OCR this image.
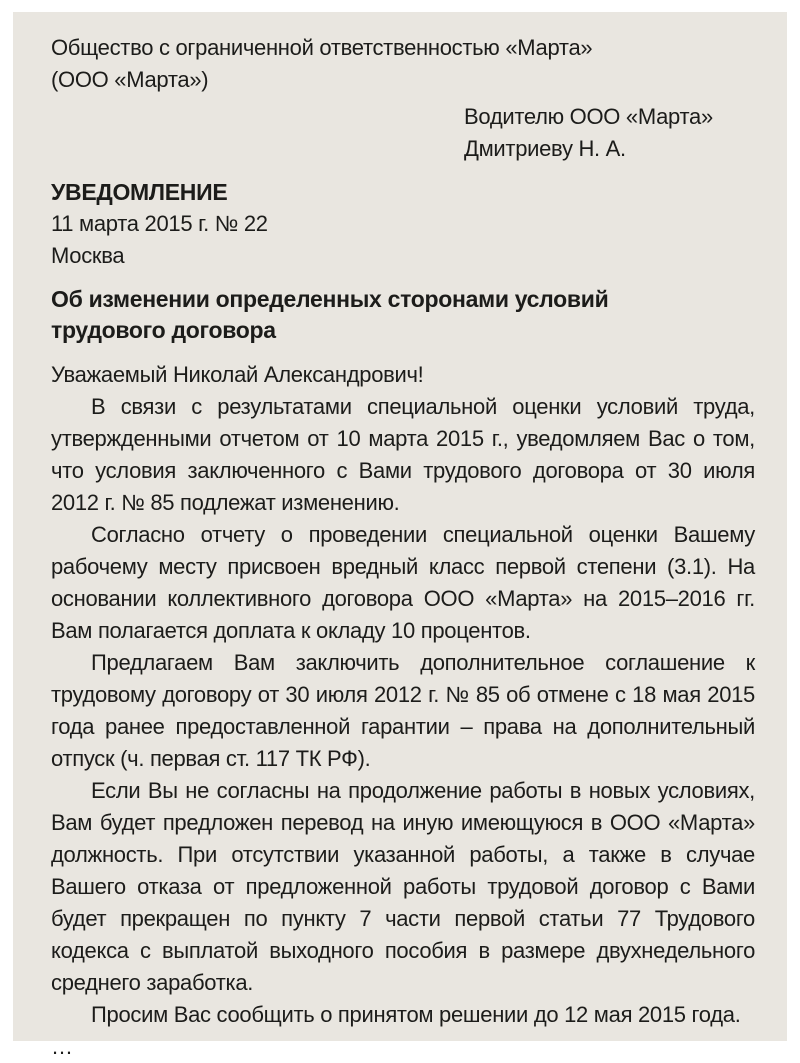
Общество с ограниченной ответственностью «Марта»
(ООО «Марта»)
Водителю ООО «Марта»
Дмитриеву Н. А.
УВЕДОМЛЕНИЕ
11 марта 2015 г. № 22
Москва
Об изменении определенных сторонами условий трудового договора
Уважаемый Николай Александрович!

В связи с результатами специальной оценки условий труда, утвержденными отчетом от 10 марта 2015 г., уведомляем Вас о том, что условия заключенного с Вами трудового договора от 30 июля 2012 г. № 85 подлежат изменению.

Согласно отчету о проведении специальной оценки Вашему рабочему месту присвоен вредный класс первой степени (3.1). На основании коллективного договора ООО «Марта» на 2015–2016 гг. Вам полагается доплата к окладу 10 процентов.

Предлагаем Вам заключить дополнительное соглашение к трудовому договору от 30 июля 2012 г. № 85 об отмене с 18 мая 2015 года ранее предоставленной гарантии – права на дополнительный отпуск (ч. первая ст. 117 ТК РФ).

Если Вы не согласны на продолжение работы в новых условиях, Вам будет предложен перевод на иную имеющуюся в ООО «Марта» должность. При отсутствии указанной работы, а также в случае Вашего отказа от предложенной работы трудовой договор с Вами будет прекращен по пункту 7 части первой статьи 77 Трудового кодекса с выплатой выходного пособия в размере двухнедельного среднего заработка.

Просим Вас сообщить о принятом решении до 12 мая 2015 года.

…
